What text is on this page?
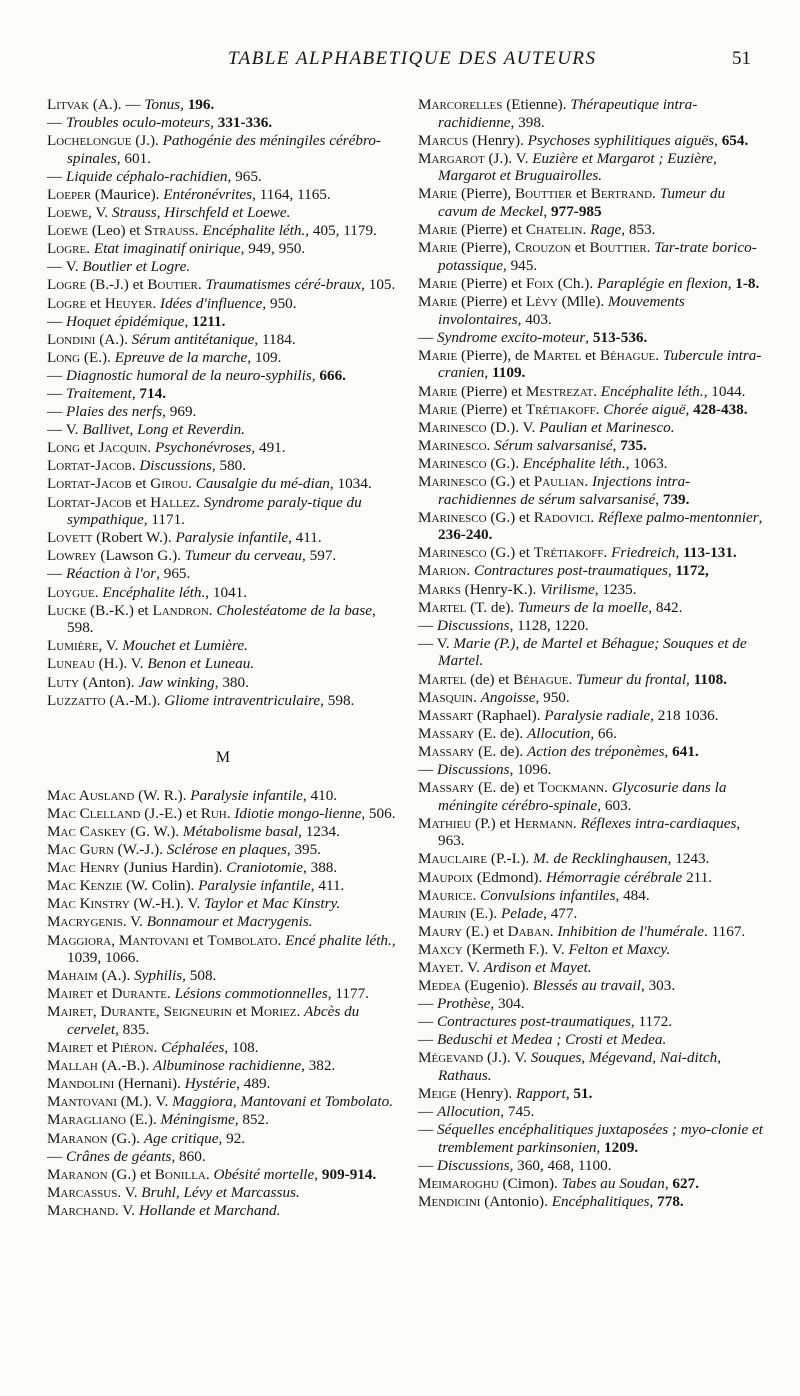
TABLE ALPHABETIQUE DES AUTEURS	51
Litvak (A.). — Tonus, 196.
— Troubles oculo-moteurs, 331-336.
Lochelongue (J.). Pathogénie des méningiles cérébro-spinales, 601.
— Liquide céphalo-rachidien, 965.
Loeper (Maurice). Entéronévrites, 1164, 1165.
Loewe, V. Strauss, Hirschfeld et Loewe.
Loewe (Leo) et Strauss. Encéphalite léth., 405, 1179.
Logre. Etat imaginatif onirique, 949, 950.
— V. Boutlier et Logre.
Logre (B.-J.) et Boutier. Traumatismes céré-braux, 105.
Logre et Heuyer. Idées d'influence, 950.
— Hoquet épidémique, 1211.
Londini (A.). Sérum antitétanique, 1184.
Long (E.). Epreuve de la marche, 109.
— Diagnostic humoral de la neuro-syphilis, 666.
— Traitement, 714.
— Plaies des nerfs, 969.
— V. Ballivet, Long et Reverdin.
Long et Jacquin. Psychonévroses, 491.
Lortat-Jacob. Discussions, 580.
Lortat-Jacob et Girou. Causalgie du mé-dian, 1034.
Lortat-Jacob et Hallez. Syndrome paraly-tique du sympathique, 1171.
Lovett (Robert W.). Paralysie infantile, 411.
Lowrey (Lawson G.). Tumeur du cerveau, 597.
— Réaction à l'or, 965.
Loygue. Encéphalite léth., 1041.
Lucke (B.-K.) et Landron. Cholestéatome de la base, 598.
Lumière, V. Mouchet et Lumière.
Luneau (H.). V. Benon et Luneau.
Luty (Anton). Jaw winking, 380.
Luzzatto (A.-M.). Gliome intraventriculaire, 598.
M
Mac Ausland (W. R.). Paralysie infantile, 410.
Mac Clelland (J.-E.) et Ruh. Idiotie mongo-lienne, 506.
Mac Caskey (G. W.). Métabolisme basal, 1234.
Mac Gurn (W.-J.). Sclérose en plaques, 395.
Mac Henry (Junius Hardin). Craniotomie, 388.
Mac Kenzie (W. Colin). Paralysie infantile, 411.
Mac Kinstry (W.-H.). V. Taylor et Mac Kinstry.
Macrygenis. V. Bonnamour et Macrygenis.
Maggiora, Mantovani et Tombolato. Encé phalite léth., 1039, 1066.
Mahaim (A.). Syphilis, 508.
Mairet et Durante. Lésions commotionnelles, 1177.
Mairet, Durante, Seigneurin et Moriez. Abcès du cervelet, 835.
Mairet et Piéron. Céphalées, 108.
Mallah (A.-B.). Albuminose rachidienne, 382.
Mandolini (Hernani). Hystérie, 489.
Mantovani (M.). V. Maggiora, Mantovani et Tombolato.
Maragliano (E.). Méningisme, 852.
Maranon (G.). Age critique, 92.
— Crânes de géants, 860.
Maranon (G.) et Bonilla. Obésité mortelle, 909-914.
Marcassus. V. Bruhl, Lévy et Marcassus.
Marchand. V. Hollande et Marchand.
Marcorelles (Etienne). Thérapeutique intra-rachidienne, 398.
Marcus (Henry). Psychoses syphilitiques aiguës, 654.
Margarot (J.). V. Euzière et Margarot ; Euzière, Margarot et Bruguairolles.
Marie (Pierre), Bouttier et Bertrand. Tumeur du cavum de Meckel, 977-985
Marie (Pierre) et Chatelin. Rage, 853.
Marie (Pierre), Crouzon et Bouttier. Tar-trate borico-potassique, 945.
Marie (Pierre) et Foix (Ch.). Paraplégie en flexion, 1-8.
Marie (Pierre) et Lévy (Mlle). Mouvements involontaires, 403.
— Syndrome excito-moteur, 513-536.
Marie (Pierre), de Martel et Béhague. Tubercule intra-cranien, 1109.
Marie (Pierre) et Mestrezat. Encéphalite léth., 1044.
Marie (Pierre) et Trétiakoff. Chorée aiguë, 428-438.
Marinesco (D.). V. Paulian et Marinesco.
Marinesco. Sérum salvarsanisé, 735.
Marinesco (G.). Encéphalite léth., 1063.
Marinesco (G.) et Paulian. Injections intra-rachidiennes de sérum salvarsanisé, 739.
Marinesco (G.) et Radovici. Réflexe palmo-mentonnier, 236-240.
Marinesco (G.) et Trétiakoff. Friedreich, 113-131.
Marion. Contractures post-traumatiques, 1172,
Marks (Henry-K.). Virilisme, 1235.
Martel (T. de). Tumeurs de la moelle, 842.
— Discussions, 1128, 1220.
— V. Marie (P.), de Martel et Béhague; Souques et de Martel.
Martel (de) et Béhague. Tumeur du frontal, 1108.
Masquin. Angoisse, 950.
Massart (Raphael). Paralysie radiale, 218 1036.
Massary (E. de). Allocution, 66.
Massary (E. de). Action des tréponèmes, 641.
— Discussions, 1096.
Massary (E. de) et Tockmann. Glycosurie dans la méningite cérébro-spinale, 603.
Mathieu (P.) et Hermann. Réflexes intra-cardiaques, 963.
Mauclaire (P.-I.). M. de Recklinghausen, 1243.
Maupoix (Edmond). Hémorragie cérébrale 211.
Maurice. Convulsions infantiles, 484.
Maurin (E.). Pelade, 477.
Maury (E.) et Daban. Inhibition de l'humérale. 1167.
Maxcy (Kermeth F.). V. Felton et Maxcy.
Mayet. V. Ardison et Mayet.
Medea (Eugenio). Blessés au travail, 303.
— Prothèse, 304.
— Contractures post-traumatiques, 1172.
— Beduschi et Medea ; Crosti et Medea.
Mégevand (J.). V. Souques, Mégevand, Nai-ditch, Rathaus.
Meige (Henry). Rapport, 51.
— Allocution, 745.
— Séquelles encéphalitiques juxtaposées ; myo-clonie et tremblement parkinsonien, 1209.
— Discussions, 360, 468, 1100.
Meimaroghu (Cimon). Tabes au Soudan, 627.
Mendicini (Antonio). Encéphalitiques, 778.
